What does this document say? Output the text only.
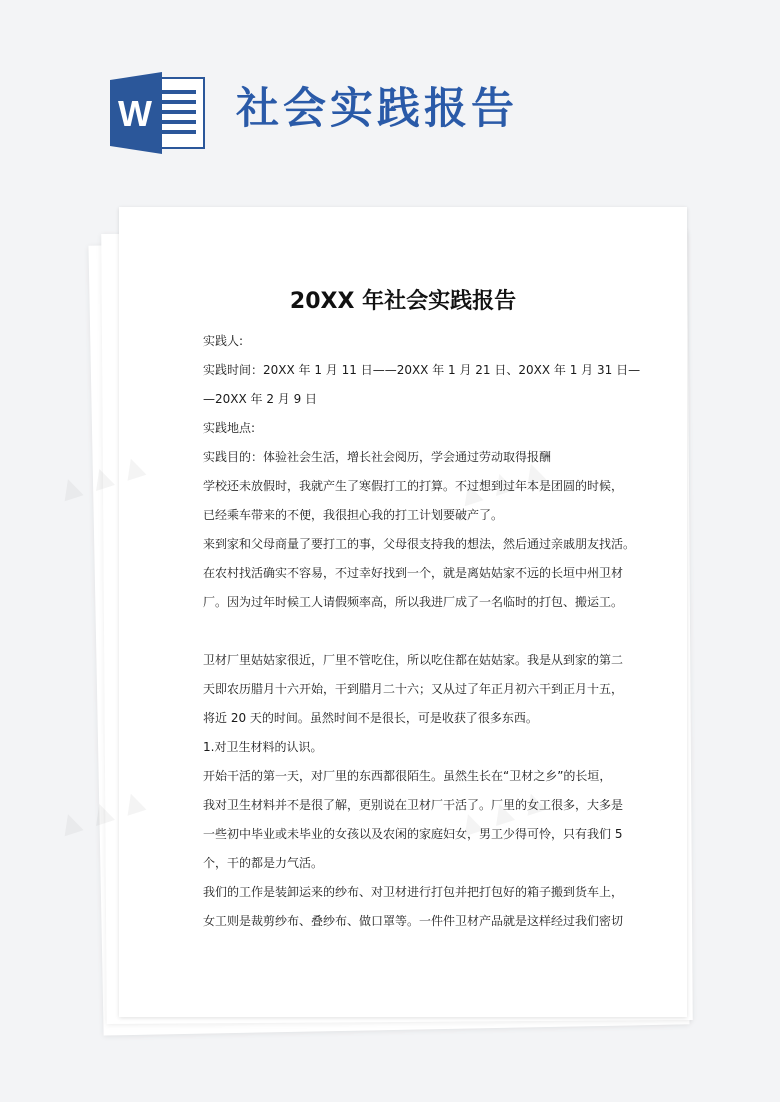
W 社会实践报告
▲ ▲	▲ ▲ ▲
▲ ▲	▲ ▲ ▲
20XX 年社会实践报告
实践人:
实践时间：20XX 年 1 月 11 日——20XX 年 1 月 21 日、20XX 年 1 月 31 日—
—20XX 年 2 月 9 日
实践地点:
实践目的：体验社会生活，增长社会阅历，学会通过劳动取得报酬
学校还未放假时，我就产生了寒假打工的打算。不过想到过年本是团圆的时候，
已经乘车带来的不便，我很担心我的打工计划要破产了。
来到家和父母商量了要打工的事，父母很支持我的想法，然后通过亲戚朋友找活。
在农村找活确实不容易，不过幸好找到一个，就是离姑姑家不远的长垣中州卫材
厂。因为过年时候工人请假频率高，所以我进厂成了一名临时的打包、搬运工。
卫材厂里姑姑家很近，厂里不管吃住，所以吃住都在姑姑家。我是从到家的第二
天即农历腊月十六开始，干到腊月二十六；又从过了年正月初六干到正月十五，
将近 20 天的时间。虽然时间不是很长，可是收获了很多东西。
1.对卫生材料的认识。
开始干活的第一天，对厂里的东西都很陌生。虽然生长在“卫材之乡”的长垣，
我对卫生材料并不是很了解，更别说在卫材厂干活了。厂里的女工很多，大多是
一些初中毕业或未毕业的女孩以及农闲的家庭妇女，男工少得可怜，只有我们 5
个，干的都是力气活。
我们的工作是装卸运来的纱布、对卫材进行打包并把打包好的箱子搬到货车上，
女工则是裁剪纱布、叠纱布、做口罩等。一件件卫材产品就是这样经过我们密切
